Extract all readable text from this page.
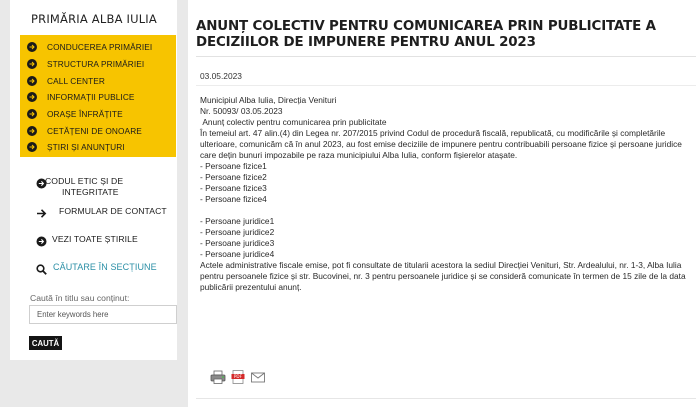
PRIMĂRIA ALBA IULIA
CONDUCEREA PRIMĂRIEI
STRUCTURA PRIMĂRIEI
CALL CENTER
INFORMAȚII PUBLICE
ORAȘE ÎNFRĂȚITE
CETĂȚENI DE ONOARE
ȘTIRI ȘI ANUNȚURI
CODUL ETIC ȘI DE INTEGRITATE
FORMULAR DE CONTACT
VEZI TOATE ȘTIRILE
CĂUTARE ÎN SECȚIUNE
Caută în titlu sau conținut:
Enter keywords here
CAUTĂ
ANUNȚ COLECTIV PENTRU COMUNICAREA PRIN PUBLICITATE A DECIZIILOR DE IMPUNERE PENTRU ANUL 2023
03.05.2023

Municipiul Alba Iulia, Direcția Venituri

Nr. 50093/ 03.05.2023

Anunț colectiv pentru comunicarea prin publicitate

În temeiul art. 47 alin.(4) din Legea nr. 207/2015 privind Codul de procedură fiscală, republicată, cu modificările și completările ulterioare, comunicăm că în anul 2023, au fost emise deciziile de impunere pentru contribuabili persoane fizice și persoane juridice care dețin bunuri impozabile pe raza municipiului Alba Iulia, conform fișierelor atașate.

- Persoane fizice1

- Persoane fizice2

- Persoane fizice3

- Persoane fizice4

- Persoane juridice1

- Persoane juridice2

- Persoane juridice3

- Persoane juridice4

Actele administrative fiscale emise, pot fi consultate de titularii acestora la sediul Direcției Venituri, Str. Ardealului, nr. 1-3, Alba Iulia pentru persoanele fizice și str. Bucovinei, nr. 3 pentru persoanele juridice și se consideră comunicate în termen de 15 zile de la data publicării prezentului anunț.

PDF
